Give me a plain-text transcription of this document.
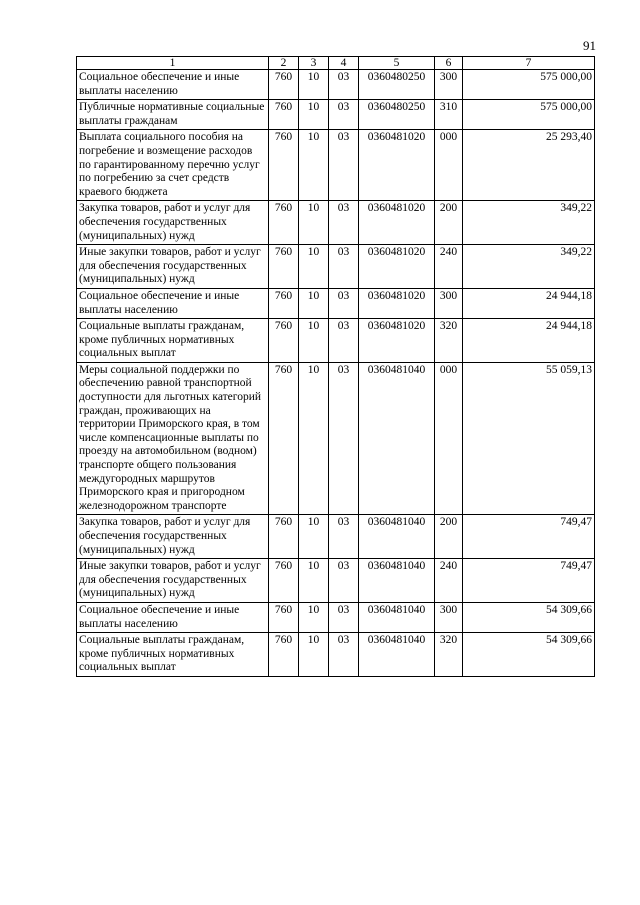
91
1	2	3	4	5	6	7
Социальное обеспечение и иные выплаты населению	760	10	03	0360480250	300	575 000,00
Публичные нормативные социальные выплаты гражданам	760	10	03	0360480250	310	575 000,00
Выплата социального пособия на погребение и возмещение расходов по гарантированному перечню услуг по погребению за счет средств краевого бюджета	760	10	03	0360481020	000	25 293,40
Закупка товаров, работ и услуг для обеспечения государственных (муниципальных) нужд	760	10	03	0360481020	200	349,22
Иные закупки товаров, работ и услуг для обеспечения государственных (муниципальных) нужд	760	10	03	0360481020	240	349,22
Социальное обеспечение и иные выплаты населению	760	10	03	0360481020	300	24 944,18
Социальные выплаты гражданам, кроме публичных нормативных социальных выплат	760	10	03	0360481020	320	24 944,18
Меры социальной поддержки по обеспечению равной транспортной доступности для льготных категорий граждан, проживающих на территории Приморского края, в том числе компенсационные выплаты по проезду на автомобильном (водном) транспорте общего пользования междугородных маршрутов Приморского края и пригородном железнодорожном транспорте	760	10	03	0360481040	000	55 059,13
Закупка товаров, работ и услуг для обеспечения государственных (муниципальных) нужд	760	10	03	0360481040	200	749,47
Иные закупки товаров, работ и услуг для обеспечения государственных (муниципальных) нужд	760	10	03	0360481040	240	749,47
Социальное обеспечение и иные выплаты населению	760	10	03	0360481040	300	54 309,66
Социальные выплаты гражданам, кроме публичных нормативных социальных выплат	760	10	03	0360481040	320	54 309,66
